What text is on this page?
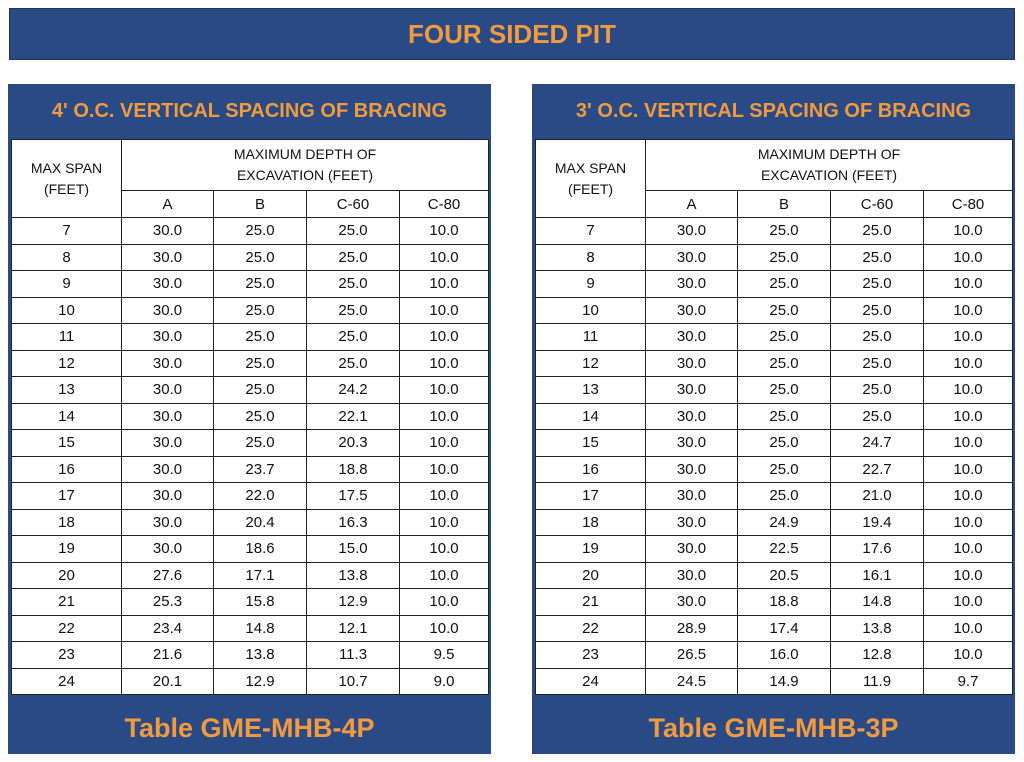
FOUR SIDED PIT
4' O.C. VERTICAL SPACING OF BRACING
MAX SPAN
(FEET)	MAXIMUM DEPTH OF
EXCAVATION (FEET)			
	A	B	C-60	C-80
7	30.0	25.0	25.0	10.0
8	30.0	25.0	25.0	10.0
9	30.0	25.0	25.0	10.0
10	30.0	25.0	25.0	10.0
11	30.0	25.0	25.0	10.0
12	30.0	25.0	25.0	10.0
13	30.0	25.0	24.2	10.0
14	30.0	25.0	22.1	10.0
15	30.0	25.0	20.3	10.0
16	30.0	23.7	18.8	10.0
17	30.0	22.0	17.5	10.0
18	30.0	20.4	16.3	10.0
19	30.0	18.6	15.0	10.0
20	27.6	17.1	13.8	10.0
21	25.3	15.8	12.9	10.0
22	23.4	14.8	12.1	10.0
23	21.6	13.8	11.3	9.5
24	20.1	12.9	10.7	9.0
Table GME-MHB-4P
3' O.C. VERTICAL SPACING OF BRACING
MAX SPAN
(FEET)	MAXIMUM DEPTH OF
EXCAVATION (FEET)			
	A	B	C-60	C-80
7	30.0	25.0	25.0	10.0
8	30.0	25.0	25.0	10.0
9	30.0	25.0	25.0	10.0
10	30.0	25.0	25.0	10.0
11	30.0	25.0	25.0	10.0
12	30.0	25.0	25.0	10.0
13	30.0	25.0	25.0	10.0
14	30.0	25.0	25.0	10.0
15	30.0	25.0	24.7	10.0
16	30.0	25.0	22.7	10.0
17	30.0	25.0	21.0	10.0
18	30.0	24.9	19.4	10.0
19	30.0	22.5	17.6	10.0
20	30.0	20.5	16.1	10.0
21	30.0	18.8	14.8	10.0
22	28.9	17.4	13.8	10.0
23	26.5	16.0	12.8	10.0
24	24.5	14.9	11.9	9.7
Table GME-MHB-3P
